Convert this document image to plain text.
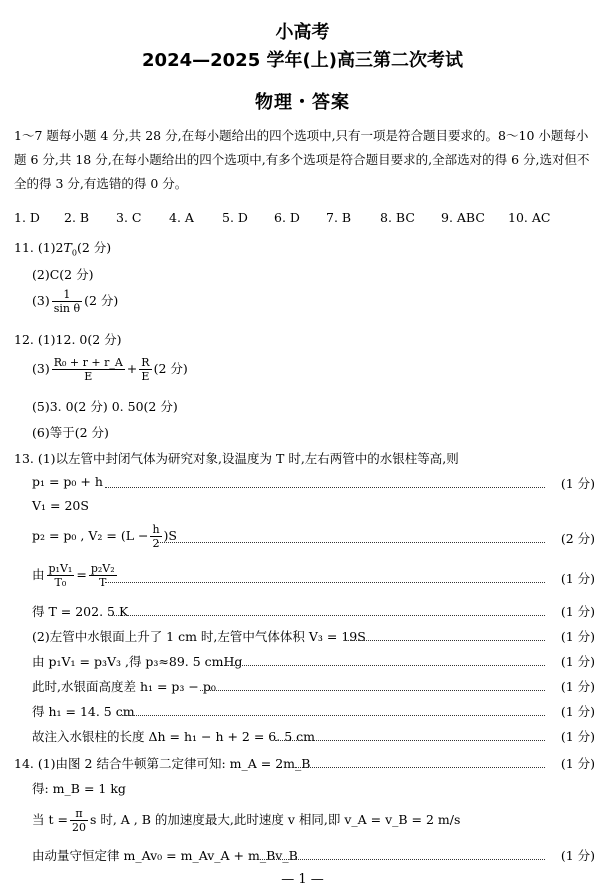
小高考
2024—2025 学年(上)高三第二次考试
物理・答案
1～7 题每小题 4 分,共 28 分,在每小题给出的四个选项中,只有一项是符合题目要求的。8～10 小题每小题 6 分,共 18 分,在每小题给出的四个选项中,有多个选项是符合题目要求的,全部选对的得 6 分,选对但不全的得 3 分,有选错的得 0 分。
1. D 2. B 3. C 4. A 5. D 6. D 7. B 8. BC 9. ABC 10. AC
11. $(1)2T_0(2$ 分)
(2)C(2 分)
$(3) \frac{1}{\text{sin θ}} (2$ 分)
12. (1)12. 0(2 分)
$(3) \frac{\text{R₀ + r + r\_A}}{E} + \frac{R}{E} (2$ 分)
(5)3. 0(2 分) 0. 50(2 分)
(6)等于(2 分)
13. (1)以左管中封闭气体为研究对象,设温度为 T 时,左右两管中的水银柱等高,则
p₁ = p₀ + h	(1 分)
V₁ = 20S
p₂ = p₀ , $V_2 = (L - \frac{h}{2} )S$	(2 分)
由 $\frac{\text{p₁V₁}}{\text{T₀}} = \frac{\text{p₂V₂}}{T}$	(1 分)
得 T = 202. 5 K	(1 分)
(2)左管中水银面上升了 1 cm 时,左管中气体体积 V₃ = 19S	(1 分)
由 p₁V₁ = p₃V₃ ,得 p₃≈89. 5 cmHg	(1 分)
此时,水银面高度差 h₁ = p₃ − p₀	(1 分)
得 h₁ = 14. 5 cm	(1 分)
故注入水银柱的长度 Δh = h₁ − h + 2 = 6. 5 cm	(1 分)
14. (1)由图 2 结合牛顿第二定律可知: m_A = 2m_B	(1 分)
得: m_B = 1 kg
当 $t = \frac{\pi}{20}$ s 时, A , B 的加速度最大,此时速度 v 相同,即 v_A = v_B = 2 m/s
由动量守恒定律 m_Av₀ = m_Av_A + m_Bv_B	(1 分)
— 1 —
